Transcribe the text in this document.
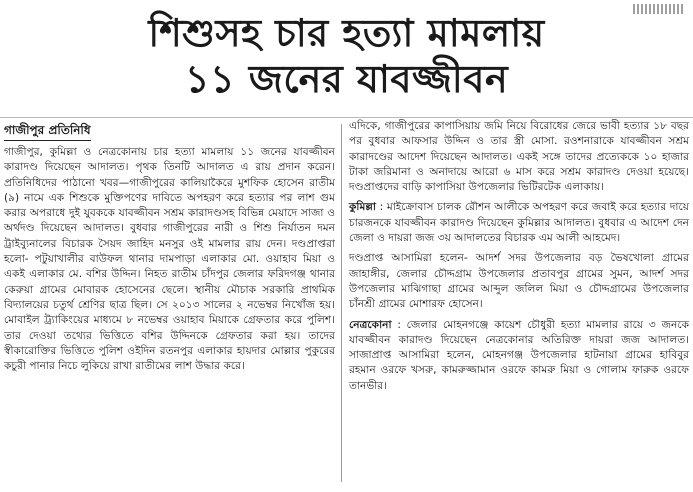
শিশুসহ চার হত্যা মামলায়
১১ জনের যাবজ্জীবন
গাজীপুর প্রতিনিধি

গাজীপুর, কুমিল্লা ও নেত্রকোনায় চার হত্যা মামলায় ১১ জনের যাবজ্জীবন কারাদণ্ড দিয়েছেন আদালত। পৃথক তিনটি আদালত এ রায় প্রদান করেন। প্রতিনিধিদের পাঠানো খবর—গাজীপুরের কালিয়াকৈরে মুশফিক হোসেন রাতীম (৯) নামে এক শিশুকে মুক্তিপণের দাবিতে অপহরণ করে হত্যার পর লাশ গুম করার অপরাধে দুই যুবককে যাবজ্জীবন সশ্রম কারাদণ্ডসহ বিভিন্ন মেয়াদে সাজা ও অর্থদণ্ড দিয়েছেন আদালত। বুধবার গাজীপুরের নারী ও শিশু নির্যাতন দমন ট্রাইব্যুনালের বিচারক সৈয়দ জাহিদ মনসুর ওই মামলার রায় দেন। দণ্ডপ্রাপ্তরা হলো- পটুয়াখালীর বাউফল থানার দামপাড়া এলাকার মো. ওয়াহাব মিয়া ও একই এলাকার মে. বশির উদ্দিন। নিহত রাতীম চাঁদপুর জেলার ফরিদগঞ্জ থানার কেরুয়া গ্রামের মোবারক হোসেনের ছেলে। স্থানীয় মৌচাক সরকারি প্রাথমিক বিদ্যালয়ের চতুর্থ শ্রেণির ছাত্র ছিল। সে ২০১৩ সালের ২ নভেম্বর নিখোঁজ হয়। মোবাইল ট্র্যাকিংয়ের মাধ্যমে ৮ নভেম্বর ওয়াহাব মিয়াকে গ্রেফতার করে পুলিশ। তার দেওয়া তথ্যের ভিত্তিতে বশির উদ্দিনকে গ্রেফতার করা হয়। তাদের স্বীকারোক্তির ভিত্তিতে পুলিশ ওইদিন রতনপুর এলাকার হায়দার মোল্লার পুকুরের কচুরী পানার নিচে লুকিয়ে রাখা রাতীমের লাশ উদ্ধার করে।

এদিকে, গাজীপুরের কাপাসিয়ায় জমি নিয়ে বিরোধের জেরে ভাবী হত্যার ১৮ বছর পর বুধবার আফসার উদ্দিন ও তার স্ত্রী মোসা. রওশনারাকে যাবজ্জীবন সশ্রম কারাদণ্ডের আদেশ দিয়েছেন আদালত। একই সঙ্গে তাদের প্রত্যেককে ১০ হাজার টাকা জরিমানা ও অনাদায়ে আরো ৬ মাস করে সশ্রম কারাদণ্ড দেওয়া হয়েছে। দণ্ডপ্রাপ্তদের বাড়ি কাপাসিয়া উপজেলার ভিটিরটেক এলাকায়।

কুমিল্লা : মাইক্রোবাস চালক রৌশন আলীকে অপহরণ করে জবাই করে হত্যার দায়ে চারজনকে যাবজ্জীবন কারাদণ্ড দিয়েছেন কুমিল্লার আদালত। বুধবার এ আদেশ দেন জেলা ও দায়রা জজ ৩য় আদালতের বিচারক এম আলী আহমেদ।

দণ্ডপ্রাপ্ত আসামিরা হলেন- আদর্শ সদর উপজেলার বড় ভৈষখোলা গ্রামের জাহাঙ্গীর, জেলার চৌদ্দগ্রাম উপজেলার প্রতাবপুর গ্রামের সুমন, আদর্শ সদর উপজেলার মাঝিগাছা গ্রামের আব্দুল জলিল মিয়া ও চৌদ্দগ্রামের উপজেলার চাঁনশ্রী গ্রামের মোশারফ হোসেন।

নেত্রকোনা : জেলার মোহনগঞ্জে কায়েশ চৌধুরী হত্যা মামলার রায়ে ৩ জনকে যাবজ্জীবন কারাদণ্ড দিয়েছেন নেত্রকোনার অতিরিক্ত দায়রা জজ আদালত। সাজাপ্রাপ্ত আসামিরা হলেন, মোহনগঞ্জ উপজেলার হাটনায়া গ্রামের হাবিবুর রহমান ওরফে খসরু, কামরুজ্জামান ওরফে কামরু মিয়া ও গোলাম ফারুক ওরফে তানভীর।
